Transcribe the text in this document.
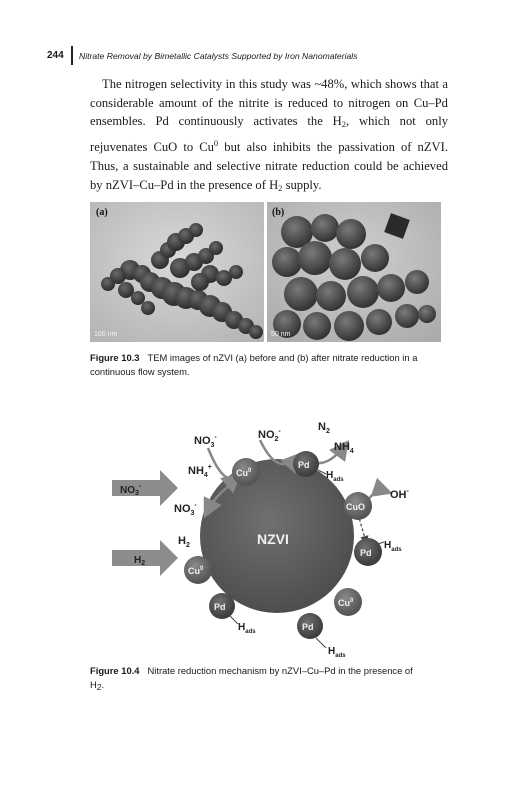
244 Nitrate Removal by Bimetallic Catalysts Supported by Iron Nanomaterials

The nitrogen selectivity in this study was ~48%, which shows that a considerable amount of the nitrite is reduced to nitrogen on Cu–Pd ensembles. Pd continuously activates the $H_2$, which not only rejuvenates CuO to Cu$^0$ but also inhibits the passivation of nZVI. Thus, a sustainable and selective nitrate reduction could be achieved by nZVI–Cu–Pd in the presence of $H_2$ supply.

(a)
100 nm
(b)
50 nm
Figure 10.3 TEM images of nZVI (a) before and (b) after nitrate reduction in a continuous flow system.
$NO_3^-$
$H_2$
NZVI
Cu$^0$
Pd
CuO
Pd
Cu$^0$
Pd
Pd
Cu$^0$
$NO_3^-$	$NO_2^-$	$N_2$
$NH_4$
$NH_4^+$
$NO_3^-$
$H_2$
OH-
$H_{ads}$
$H_{ads}$
$H_{ads}$
$H_{ads}$
Figure 10.4 Nitrate reduction mechanism by nZVI–Cu–Pd in the presence of
H2.
